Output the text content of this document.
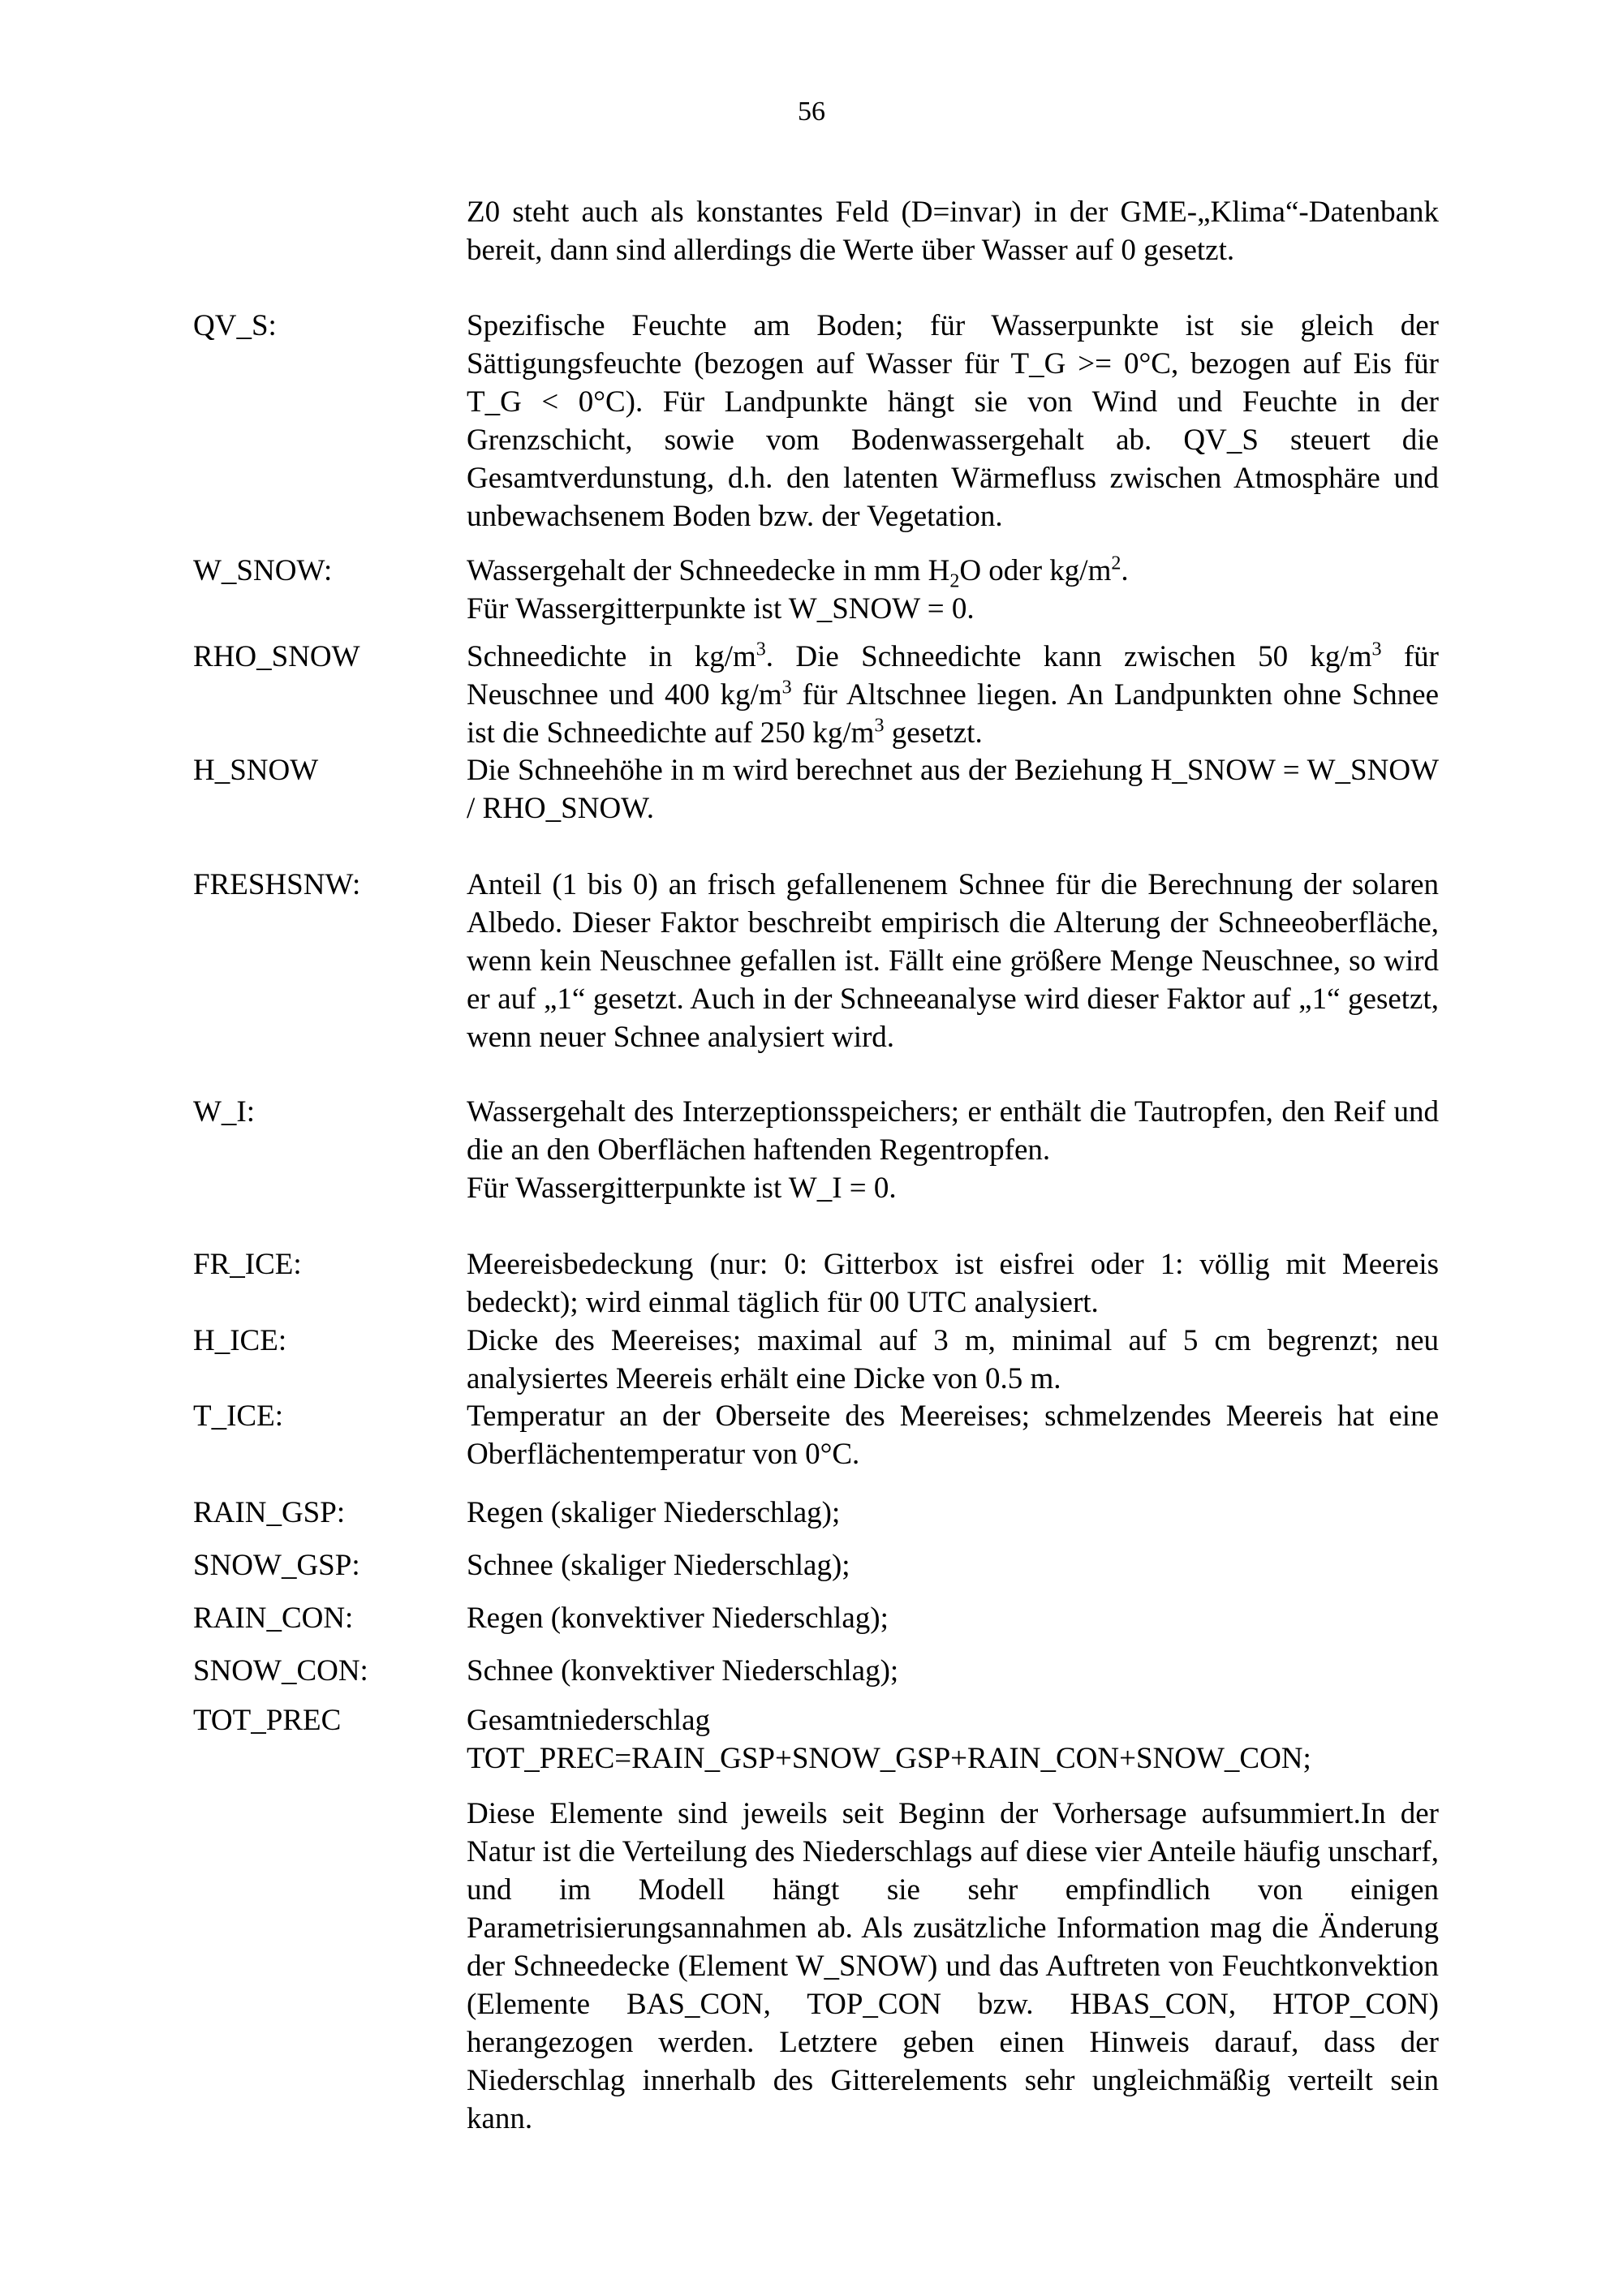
56
Z0 steht auch als konstantes Feld (D=invar) in der GME-„Klima“-Datenbank bereit, dann sind allerdings die Werte über Wasser auf 0 gesetzt.
QV_S:	Spezifische Feuchte am Boden; für Wasserpunkte ist sie gleich der Sättigungsfeuchte (bezogen auf Wasser für T_G >= 0°C, bezogen auf Eis für T_G < 0°C). Für Landpunkte hängt sie von Wind und Feuchte in der Grenzschicht, sowie vom Bodenwassergehalt ab. QV_S steuert die Gesamtverdunstung, d.h. den latenten Wärmefluss zwischen Atmosphäre und unbewachsenem Boden bzw. der Vegetation.
W_SNOW:	Wassergehalt der Schneedecke in mm $H_2O$ oder $kg/m^2$.

Für Wassergitterpunkte ist W_SNOW = 0.

RHO_SNOW	Schneedichte in $kg/m^3$. Die Schneedichte kann zwischen 50 $kg/m^3$ für Neuschnee und 400 $kg/m^3$ für Altschnee liegen. An Landpunkten ohne Schnee ist die Schneedichte auf 250 $kg/m^3$ gesetzt.
H_SNOW	Die Schneehöhe in m wird berechnet aus der Beziehung H_SNOW = W_SNOW / RHO_SNOW.
FRESHSNW:	Anteil (1 bis 0) an frisch gefallenenem Schnee für die Berechnung der solaren Albedo. Dieser Faktor beschreibt empirisch die Alterung der Schneeoberfläche, wenn kein Neuschnee gefallen ist. Fällt eine größere Menge Neuschnee, so wird er auf „1“ gesetzt. Auch in der Schneeanalyse wird dieser Faktor auf „1“ gesetzt, wenn neuer Schnee analysiert wird.
W_I:	Wassergehalt des Interzeptionsspeichers; er enthält die Tautropfen, den Reif und die an den Oberflächen haftenden Regentropfen.

Für Wassergitterpunkte ist W_I = 0.

FR_ICE:	Meereisbedeckung (nur: 0: Gitterbox ist eisfrei oder 1: völlig mit Meereis bedeckt); wird einmal täglich für 00 UTC analysiert.
H_ICE:	Dicke des Meereises; maximal auf 3 m, minimal auf 5 cm begrenzt; neu analysiertes Meereis erhält eine Dicke von 0.5 m.
T_ICE:	Temperatur an der Oberseite des Meereises; schmelzendes Meereis hat eine Oberflächentemperatur von 0°C.
RAIN_GSP:	Regen (skaliger Niederschlag);
SNOW_GSP:	Schnee (skaliger Niederschlag);
RAIN_CON:	Regen (konvektiver Niederschlag);
SNOW_CON:	Schnee (konvektiver Niederschlag);
TOT_PREC	Gesamtniederschlag

TOT_PREC=RAIN_GSP+SNOW_GSP+RAIN_CON+SNOW_CON;

Diese Elemente sind jeweils seit Beginn der Vorhersage aufsummiert.In der Natur ist die Verteilung des Niederschlags auf diese vier Anteile häufig unscharf, und im Modell hängt sie sehr empfindlich von einigen Parametrisierungsannahmen ab. Als zusätzliche Information mag die Änderung der Schneedecke (Element W_SNOW) und das Auftreten von Feuchtkonvektion (Elemente BAS_CON, TOP_CON bzw. HBAS_CON, HTOP_CON) herangezogen werden. Letztere geben einen Hinweis darauf, dass der Niederschlag innerhalb des Gitterelements sehr ungleichmäßig verteilt sein kann.
